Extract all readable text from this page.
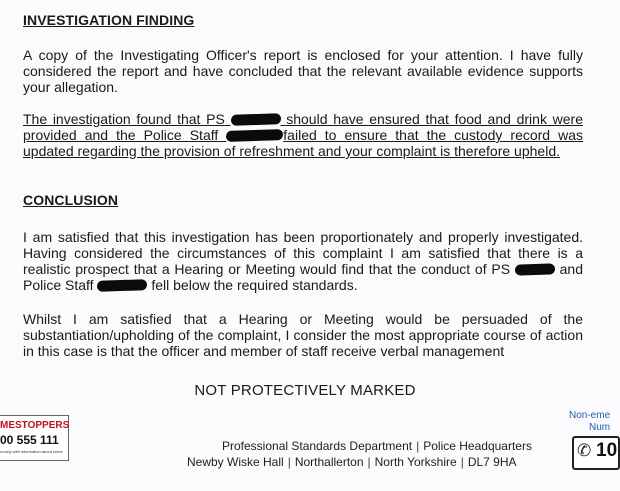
INVESTIGATION FINDING

A copy of the Investigating Officer's report is enclosed for your attention. I have fully considered the report and have concluded that the relevant available evidence supports your allegation.

The investigation found that PS	should have ensured that food and drink were provided and the Police Staff	failed to ensure that the custody record was updated regarding the provision of refreshment and your complaint is therefore upheld.

CONCLUSION

I am satisfied that this investigation has been proportionately and properly investigated. Having considered the circumstances of this complaint I am satisfied that there is a realistic prospect that a Hearing or Meeting would find that the conduct of PS	and Police Staff	fell below the required standards.

Whilst I am satisfied that a Hearing or Meeting would be persuaded of the substantiation/upholding of the complaint, I consider the most appropriate course of action in this case is that the officer and member of staff receive verbal management

NOT PROTECTIVELY MARKED
MESTOPPERS
00 555 111
nously with information about crime	Professional Standards Department | Police Headquarters
Newby Wiske Hall | Northallerton | North Yorkshire | DL7 9HA
Non-eme
Num
✆ 10
